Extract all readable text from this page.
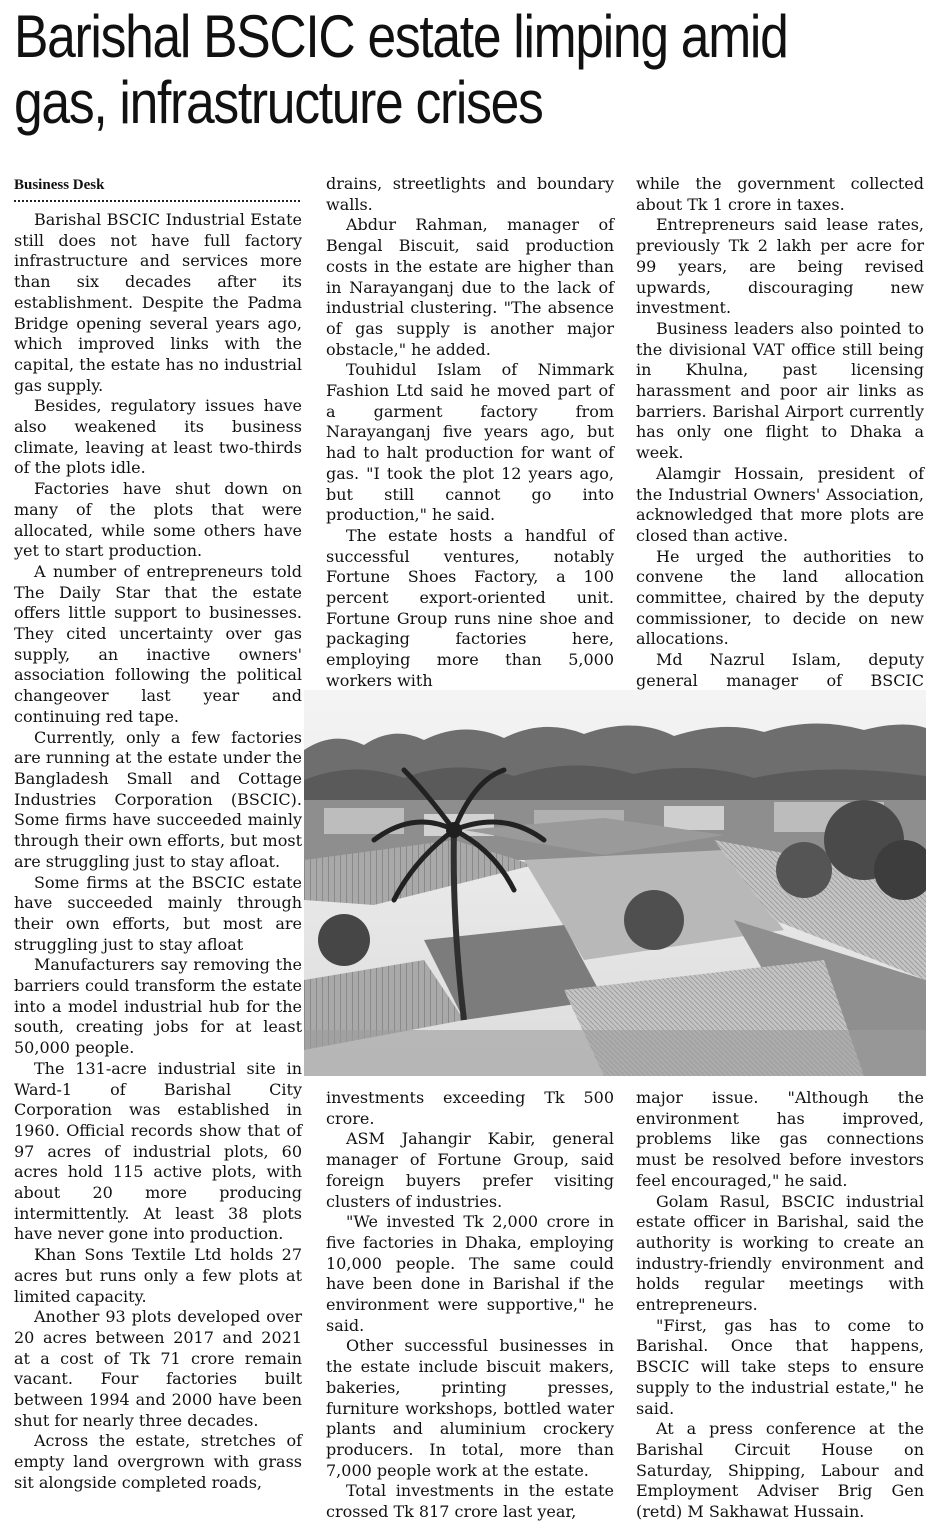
Barishal BSCIC estate limping amid
gas, infrastructure crises
Business Desk

Barishal BSCIC Industrial Estate still does not have full factory infrastructure and services more than six decades after its establishment. Despite the Padma Bridge opening several years ago, which improved links with the capital, the estate has no industrial gas supply.

Besides, regulatory issues have also weakened its business climate, leaving at least two-thirds of the plots idle.

Factories have shut down on many of the plots that were allocated, while some others have yet to start production.

A number of entrepreneurs told The Daily Star that the estate offers little support to businesses. They cited uncertainty over gas supply, an inactive owners' association following the political changeover last year and continuing red tape.

Currently, only a few factories are running at the estate under the Bangladesh Small and Cottage Industries Corporation (BSCIC). Some firms have succeeded mainly through their own efforts, but most are struggling just to stay afloat.

Some firms at the BSCIC estate have succeeded mainly through their own efforts, but most are struggling just to stay afloat

Manufacturers say removing the barriers could transform the estate into a model industrial hub for the south, creating jobs for at least 50,000 people.

The 131-acre industrial site in Ward-1 of Barishal City Corporation was established in 1960. Official records show that of 97 acres of industrial plots, 60 acres hold 115 active plots, with about 20 more producing intermittently. At least 38 plots have never gone into production.

Khan Sons Textile Ltd holds 27 acres but runs only a few plots at limited capacity.

Another 93 plots developed over 20 acres between 2017 and 2021 at a cost of Tk 71 crore remain vacant. Four factories built between 1994 and 2000 have been shut for nearly three decades.

Across the estate, stretches of empty land overgrown with grass sit alongside completed roads,

drains, streetlights and boundary walls.

Abdur Rahman, manager of Bengal Biscuit, said production costs in the estate are higher than in Narayanganj due to the lack of industrial clustering. "The absence of gas supply is another major obstacle," he added.

Touhidul Islam of Nimmark Fashion Ltd said he moved part of a garment factory from Narayanganj five years ago, but had to halt production for want of gas. "I took the plot 12 years ago, but still cannot go into production," he said.

The estate hosts a handful of successful ventures, notably Fortune Shoes Factory, a 100 percent export-oriented unit. Fortune Group runs nine shoe and packaging factories here, employing more than 5,000 workers with

while the government collected about Tk 1 crore in taxes.

Entrepreneurs said lease rates, previously Tk 2 lakh per acre for 99 years, are being revised upwards, discouraging new investment.

Business leaders also pointed to the divisional VAT office still being in Khulna, past licensing harassment and poor air links as barriers. Barishal Airport currently has only one flight to Dhaka a week.

Alamgir Hossain, president of the Industrial Owners' Association, acknowledged that more plots are closed than active.

He urged the authorities to convene the land allocation committee, chaired by the deputy commissioner, to decide on new allocations.

Md Nazrul Islam, deputy general manager of BSCIC

investments exceeding Tk 500 crore.

ASM Jahangir Kabir, general manager of Fortune Group, said foreign buyers prefer visiting clusters of industries.

"We invested Tk 2,000 crore in five factories in Dhaka, employing 10,000 people. The same could have been done in Barishal if the environment were supportive," he said.

Other successful businesses in the estate include biscuit makers, bakeries, printing presses, furniture workshops, bottled water plants and aluminium crockery producers. In total, more than 7,000 people work at the estate.

Total investments in the estate crossed Tk 817 crore last year,

major issue. "Although the environment has improved, problems like gas connections must be resolved before investors feel encouraged," he said.

Golam Rasul, BSCIC industrial estate officer in Barishal, said the authority is working to create an industry-friendly environment and holds regular meetings with entrepreneurs.

"First, gas has to come to Barishal. Once that happens, BSCIC will take steps to ensure supply to the industrial estate," he said.

At a press conference at the Barishal Circuit House on Saturday, Shipping, Labour and Employment Adviser Brig Gen (retd) M Sakhawat Hussain.
